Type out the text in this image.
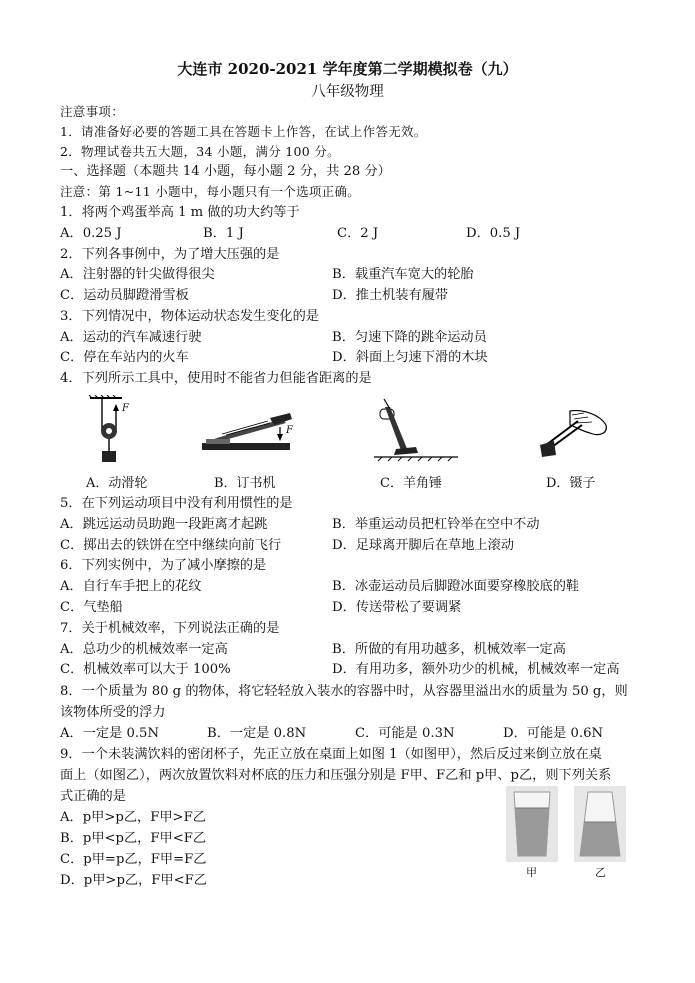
大连市 2020-2021 学年度第二学期模拟卷（九）
八年级物理
注意事项：
1．请准备好必要的答题工具在答题卡上作答，在试上作答无效。
2．物理试卷共五大题，34 小题，满分 100 分。
一、选择题（本题共 14 小题，每小题 2 分，共 28 分）
注意：第 1~11 小题中，每小题只有一个选项正确。
1．将两个鸡蛋举高 1 m 做的功大约等于
A．0.25 J	B．1 J	C．2 J	D．0.5 J
2．下列各事例中，为了增大压强的是
A．注射器的针尖做得很尖	B．载重汽车宽大的轮胎
C．运动员脚蹬滑雪板	D．推土机装有履带
3．下列情况中，物体运动状态发生变化的是
A．运动的汽车减速行驶	B．匀速下降的跳伞运动员
C．停在车站内的火车	D．斜面上匀速下滑的木块
4．下列所示工具中，使用时不能省力但能省距离的是
F
F
A．动滑轮	B．订书机	C．羊角锤	D．镊子
5．在下列运动项目中没有利用惯性的是
A．跳远运动员助跑一段距离才起跳	B．举重运动员把杠铃举在空中不动
C．掷出去的铁饼在空中继续向前飞行	D．足球离开脚后在草地上滚动
6．下列实例中，为了减小摩擦的是
A．自行车手把上的花纹	B．冰壶运动员后脚蹬冰面要穿橡胶底的鞋
C．气垫船	D．传送带松了要调紧
7．关于机械效率，下列说法正确的是
A．总功少的机械效率一定高	B．所做的有用功越多，机械效率一定高
C．机械效率可以大于 100%	D．有用功多，额外功少的机械，机械效率一定高
8．一个质量为 80 g 的物体，将它轻轻放入装水的容器中时，从容器里溢出水的质量为 50 g，则
该物体所受的浮力
A．一定是 0.5N	B．一定是 0.8N	C．可能是 0.3N	D．可能是 0.6N
9．一个未装满饮料的密闭杯子，先正立放在桌面上如图 1（如图甲），然后反过来倒立放在桌
面上（如图乙），两次放置饮料对杯底的压力和压强分别是 F甲、F乙和 p甲、p乙，则下列关系
式正确的是
A．p甲>p乙，F甲>F乙
B．p甲<p乙，F甲<F乙
C．p甲=p乙，F甲=F乙
D．p甲>p乙，F甲<F乙
甲	乙
